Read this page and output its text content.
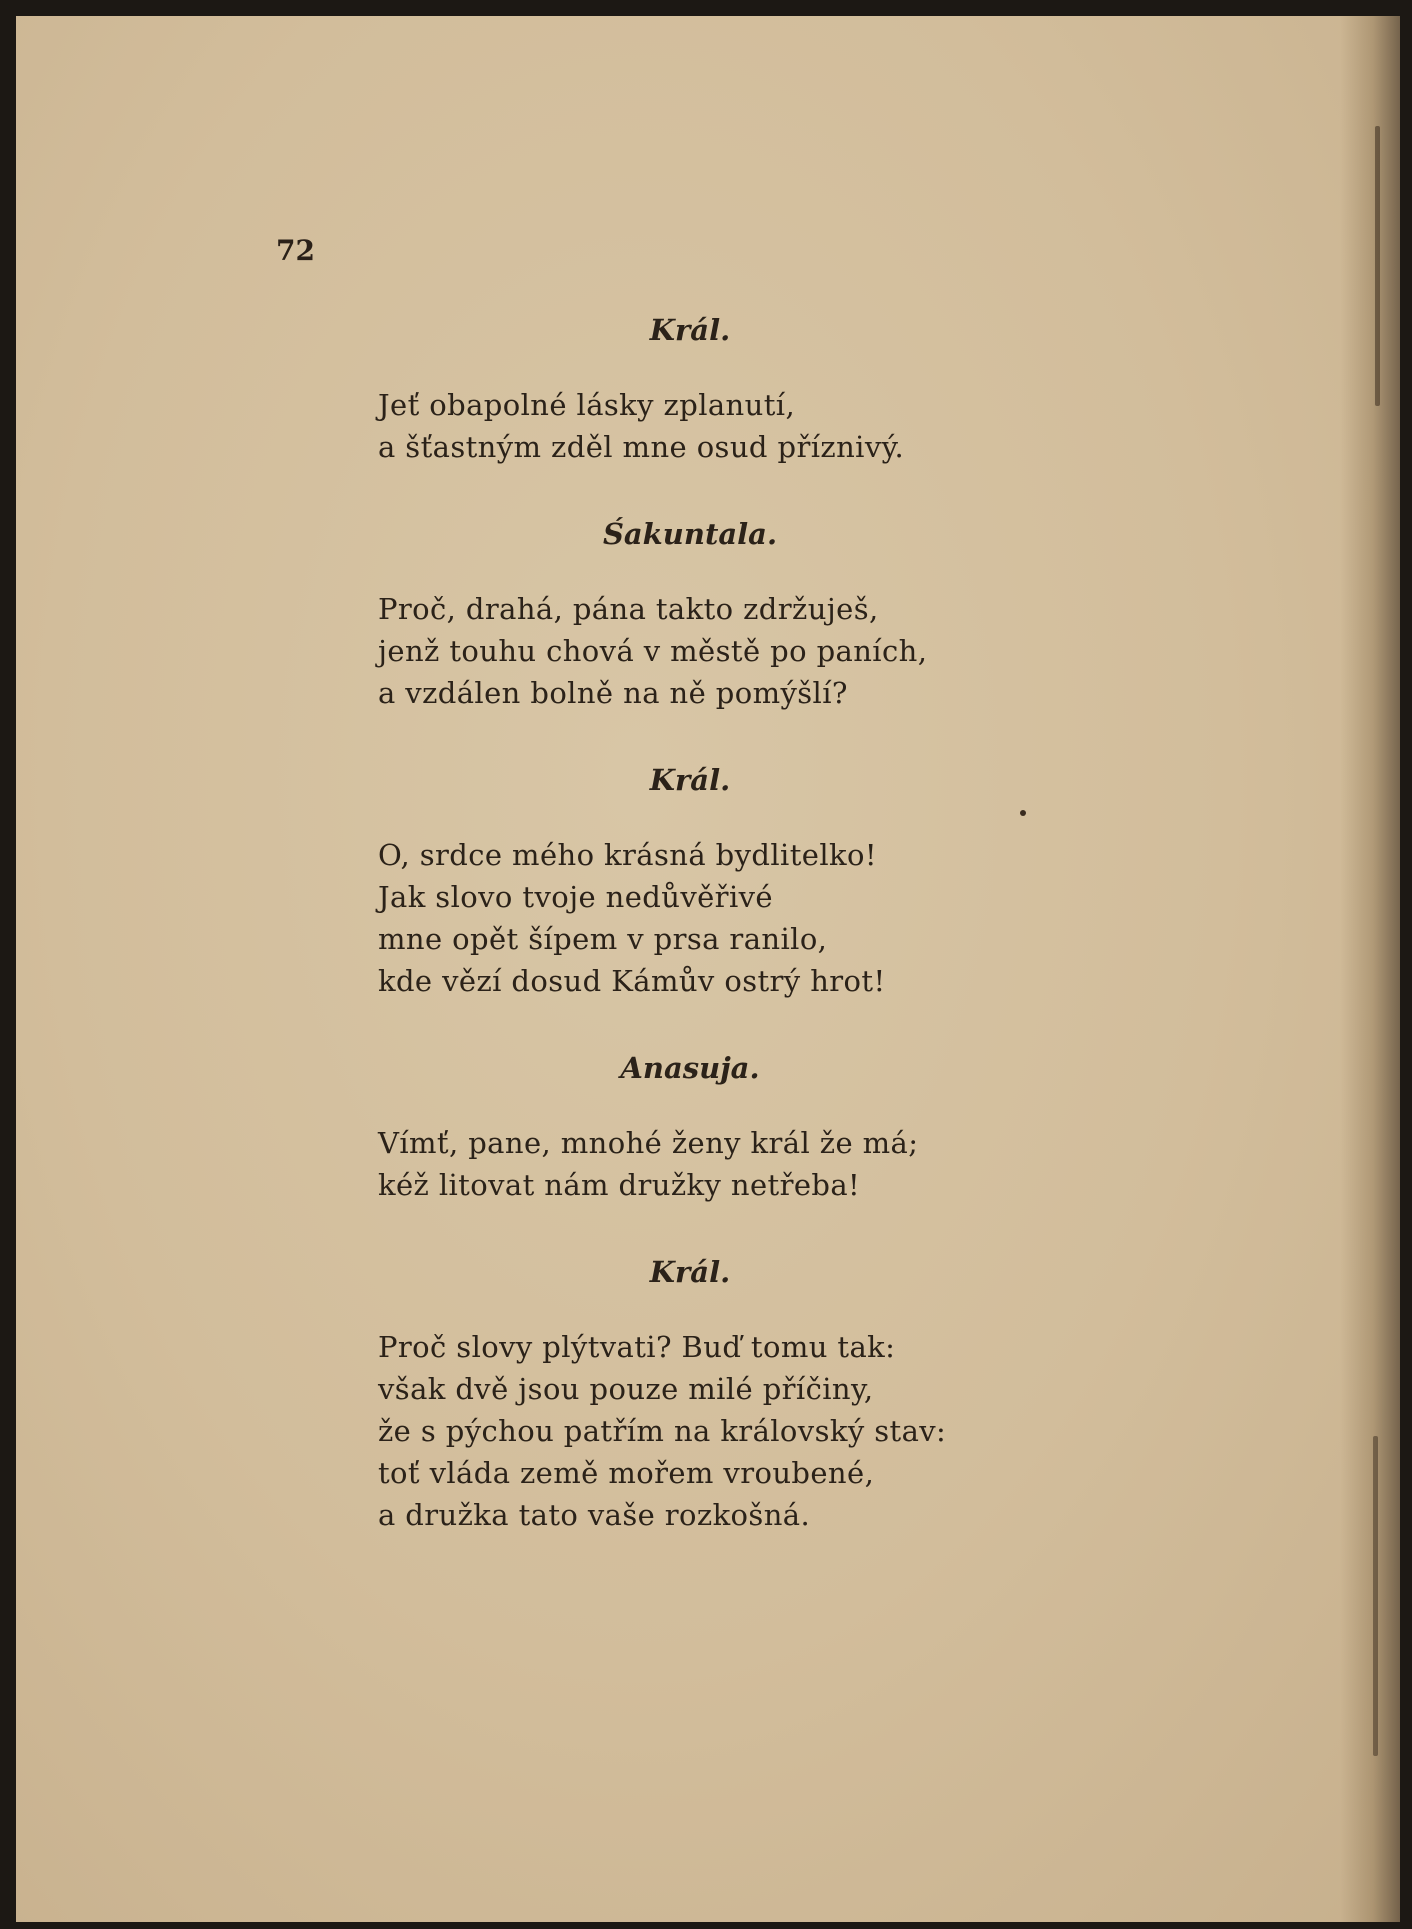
72
Král.
Jeť obapolné lásky zplanutí,
a šťastným zděl mne osud příznivý.
Śakuntala.
Proč, drahá, pána takto zdržuješ,
jenž touhu chová v městě po paních,
a vzdálen bolně na ně pomýšlí?
Král.
O, srdce mého krásná bydlitelko!
Jak slovo tvoje nedůvěřivé
mne opět šípem v prsa ranilo,
kde vězí dosud Kámův ostrý hrot!
Anasuja.
Vímť, pane, mnohé ženy král že má;
kéž litovat nám družky netřeba!
Král.
Proč slovy plýtvati? Buď tomu tak:
však dvě jsou pouze milé příčiny,
že s pýchou patřím na královský stav:
toť vláda země mořem vroubené,
a družka tato vaše rozkošná.
